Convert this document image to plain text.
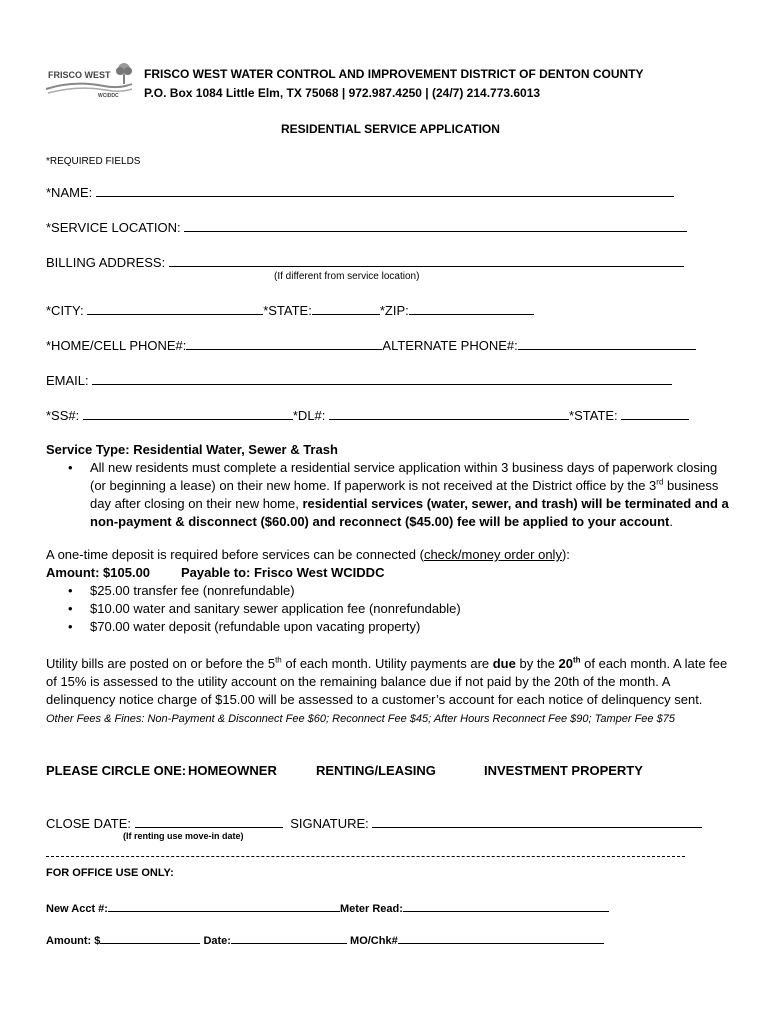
FRISCO WEST
WCIDDC
FRISCO WEST WATER CONTROL AND IMPROVEMENT DISTRICT OF DENTON COUNTY
P.O. Box 1084 Little Elm, TX 75068 | 972.987.4250 | (24/7) 214.773.6013
RESIDENTIAL SERVICE APPLICATION
*REQUIRED FIELDS
*NAME:
*SERVICE LOCATION:
BILLING ADDRESS:
(If different from service location)
*CITY:	*STATE:	*ZIP:
*HOME/CELL PHONE#:	ALTERNATE PHONE#:
EMAIL:
*SS#:	*DL#:	*STATE:
Service Type: Residential Water, Sewer & Trash
• All new residents must complete a residential service application within 3 business days of paperwork closing (or beginning a lease) on their new home. If paperwork is not received at the District office by the 3rd business day after closing on their new home, residential services (water, sewer, and trash) will be terminated and a non-payment & disconnect ($60.00) and reconnect ($45.00) fee will be applied to your account.
A one-time deposit is required before services can be connected (check/money order only):
Amount: $105.00 Payable to: Frisco West WCIDDC
• $25.00 transfer fee (nonrefundable)
• $10.00 water and sanitary sewer application fee (nonrefundable)
• $70.00 water deposit (refundable upon vacating property)
Utility bills are posted on or before the 5th of each month. Utility payments are due by the 20th of each month. A late fee of 15% is assessed to the utility account on the remaining balance due if not paid by the 20th of the month. A delinquency notice charge of $15.00 will be assessed to a customer’s account for each notice of delinquency sent.
Other Fees & Fines: Non-Payment & Disconnect Fee $60; Reconnect Fee $45; After Hours Reconnect Fee $90; Tamper Fee $75
PLEASE CIRCLE ONE: HOMEOWNER	RENTING/LEASING	INVESTMENT PROPERTY
CLOSE DATE:	SIGNATURE:
(If renting use move-in date)
FOR OFFICE USE ONLY:
New Acct #:	Meter Read:
Amount: $	Date:	MO/Chk#
